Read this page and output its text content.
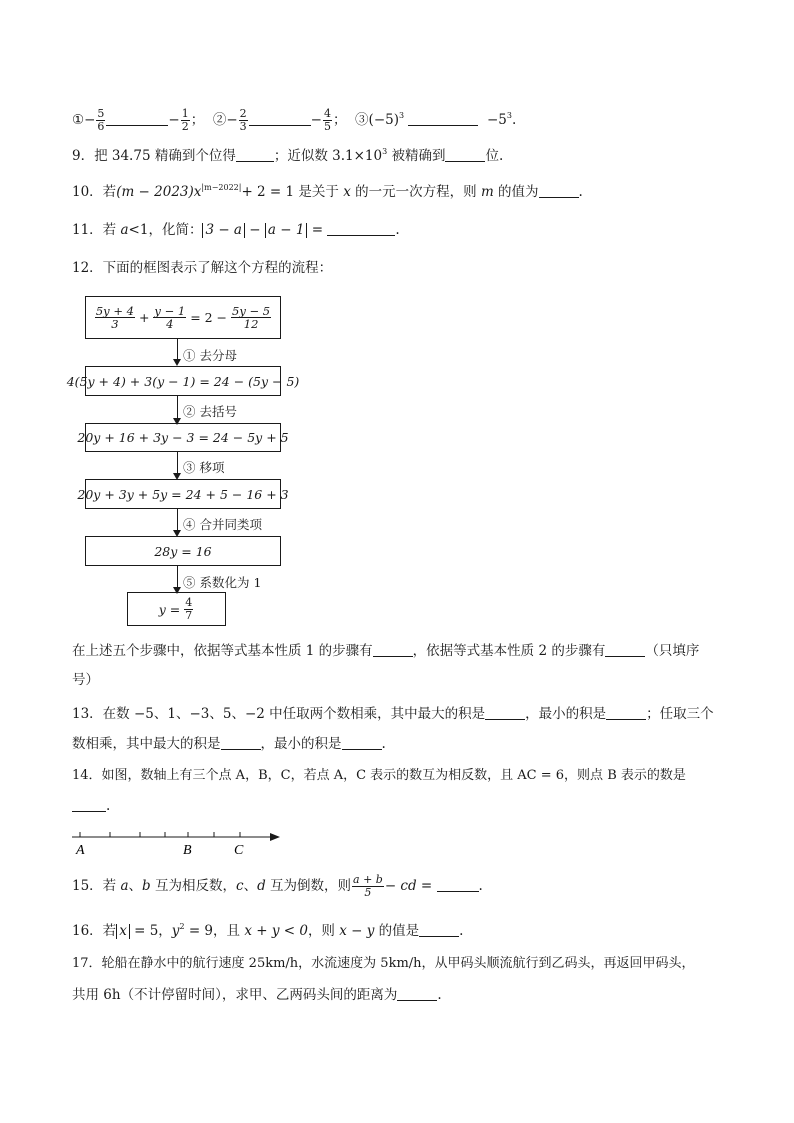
①− $\frac{5}{6}$	− $\frac{1}{2}$ ； ②− $\frac{2}{3}$	− $\frac{4}{5}$ ； $③(-5)^3$	$-5^3$.
9．把 34.75 精确到个位得	；近似数 $3.1\times 10^3$ 被精确到	位.
10．若$(m - 2023)x^{|m-2022|}+ 2 = 1$ 是关于 x 的一元一次方程，则 m 的值为	.
11．若 a<1，化简： 3 − a − a − 1 =	.
12．下面的框图表示了解这个方程的流程：
$\frac{5y + 4}{3} + \frac{y - 1}{4} = 2 - \frac{5y - 5}{12}$
① 去分母
4(5y + 4) + 3(y − 1) = 24 − (5y − 5)
② 去括号
20y + 16 + 3y − 3 = 24 − 5y + 5
③ 移项
20y + 3y + 5y = 24 + 5 − 16 + 3
④ 合并同类项
28y = 16
⑤ 系数化为 1
$y = \frac{4}{7}$
在上述五个步骤中，依据等式基本性质 1 的步骤有	，依据等式基本性质 2 的步骤有	（只填序
号）
13．在数 −5、1、−3、5、−2 中任取两个数相乘，其中最大的积是	，最小的积是	；任取三个
数相乘，其中最大的积是	，最小的积是	.
14．如图，数轴上有三个点 A，B，C，若点 A，C 表示的数互为相反数，且 AC = 6，则点 B 表示的数是
.
A	B	C
15．若 a、b 互为相反数，c、d 互为倒数，则 $\frac{a + b}{5}$ − cd =	.
16．若 x = 5，$y^2 = 9$，且 x + y < 0，则 x − y 的值是	.
17．轮船在静水中的航行速度 25km/h，水流速度为 5km/h，从甲码头顺流航行到乙码头，再返回甲码头，
共用 6h（不计停留时间），求甲、乙两码头间的距离为	.
